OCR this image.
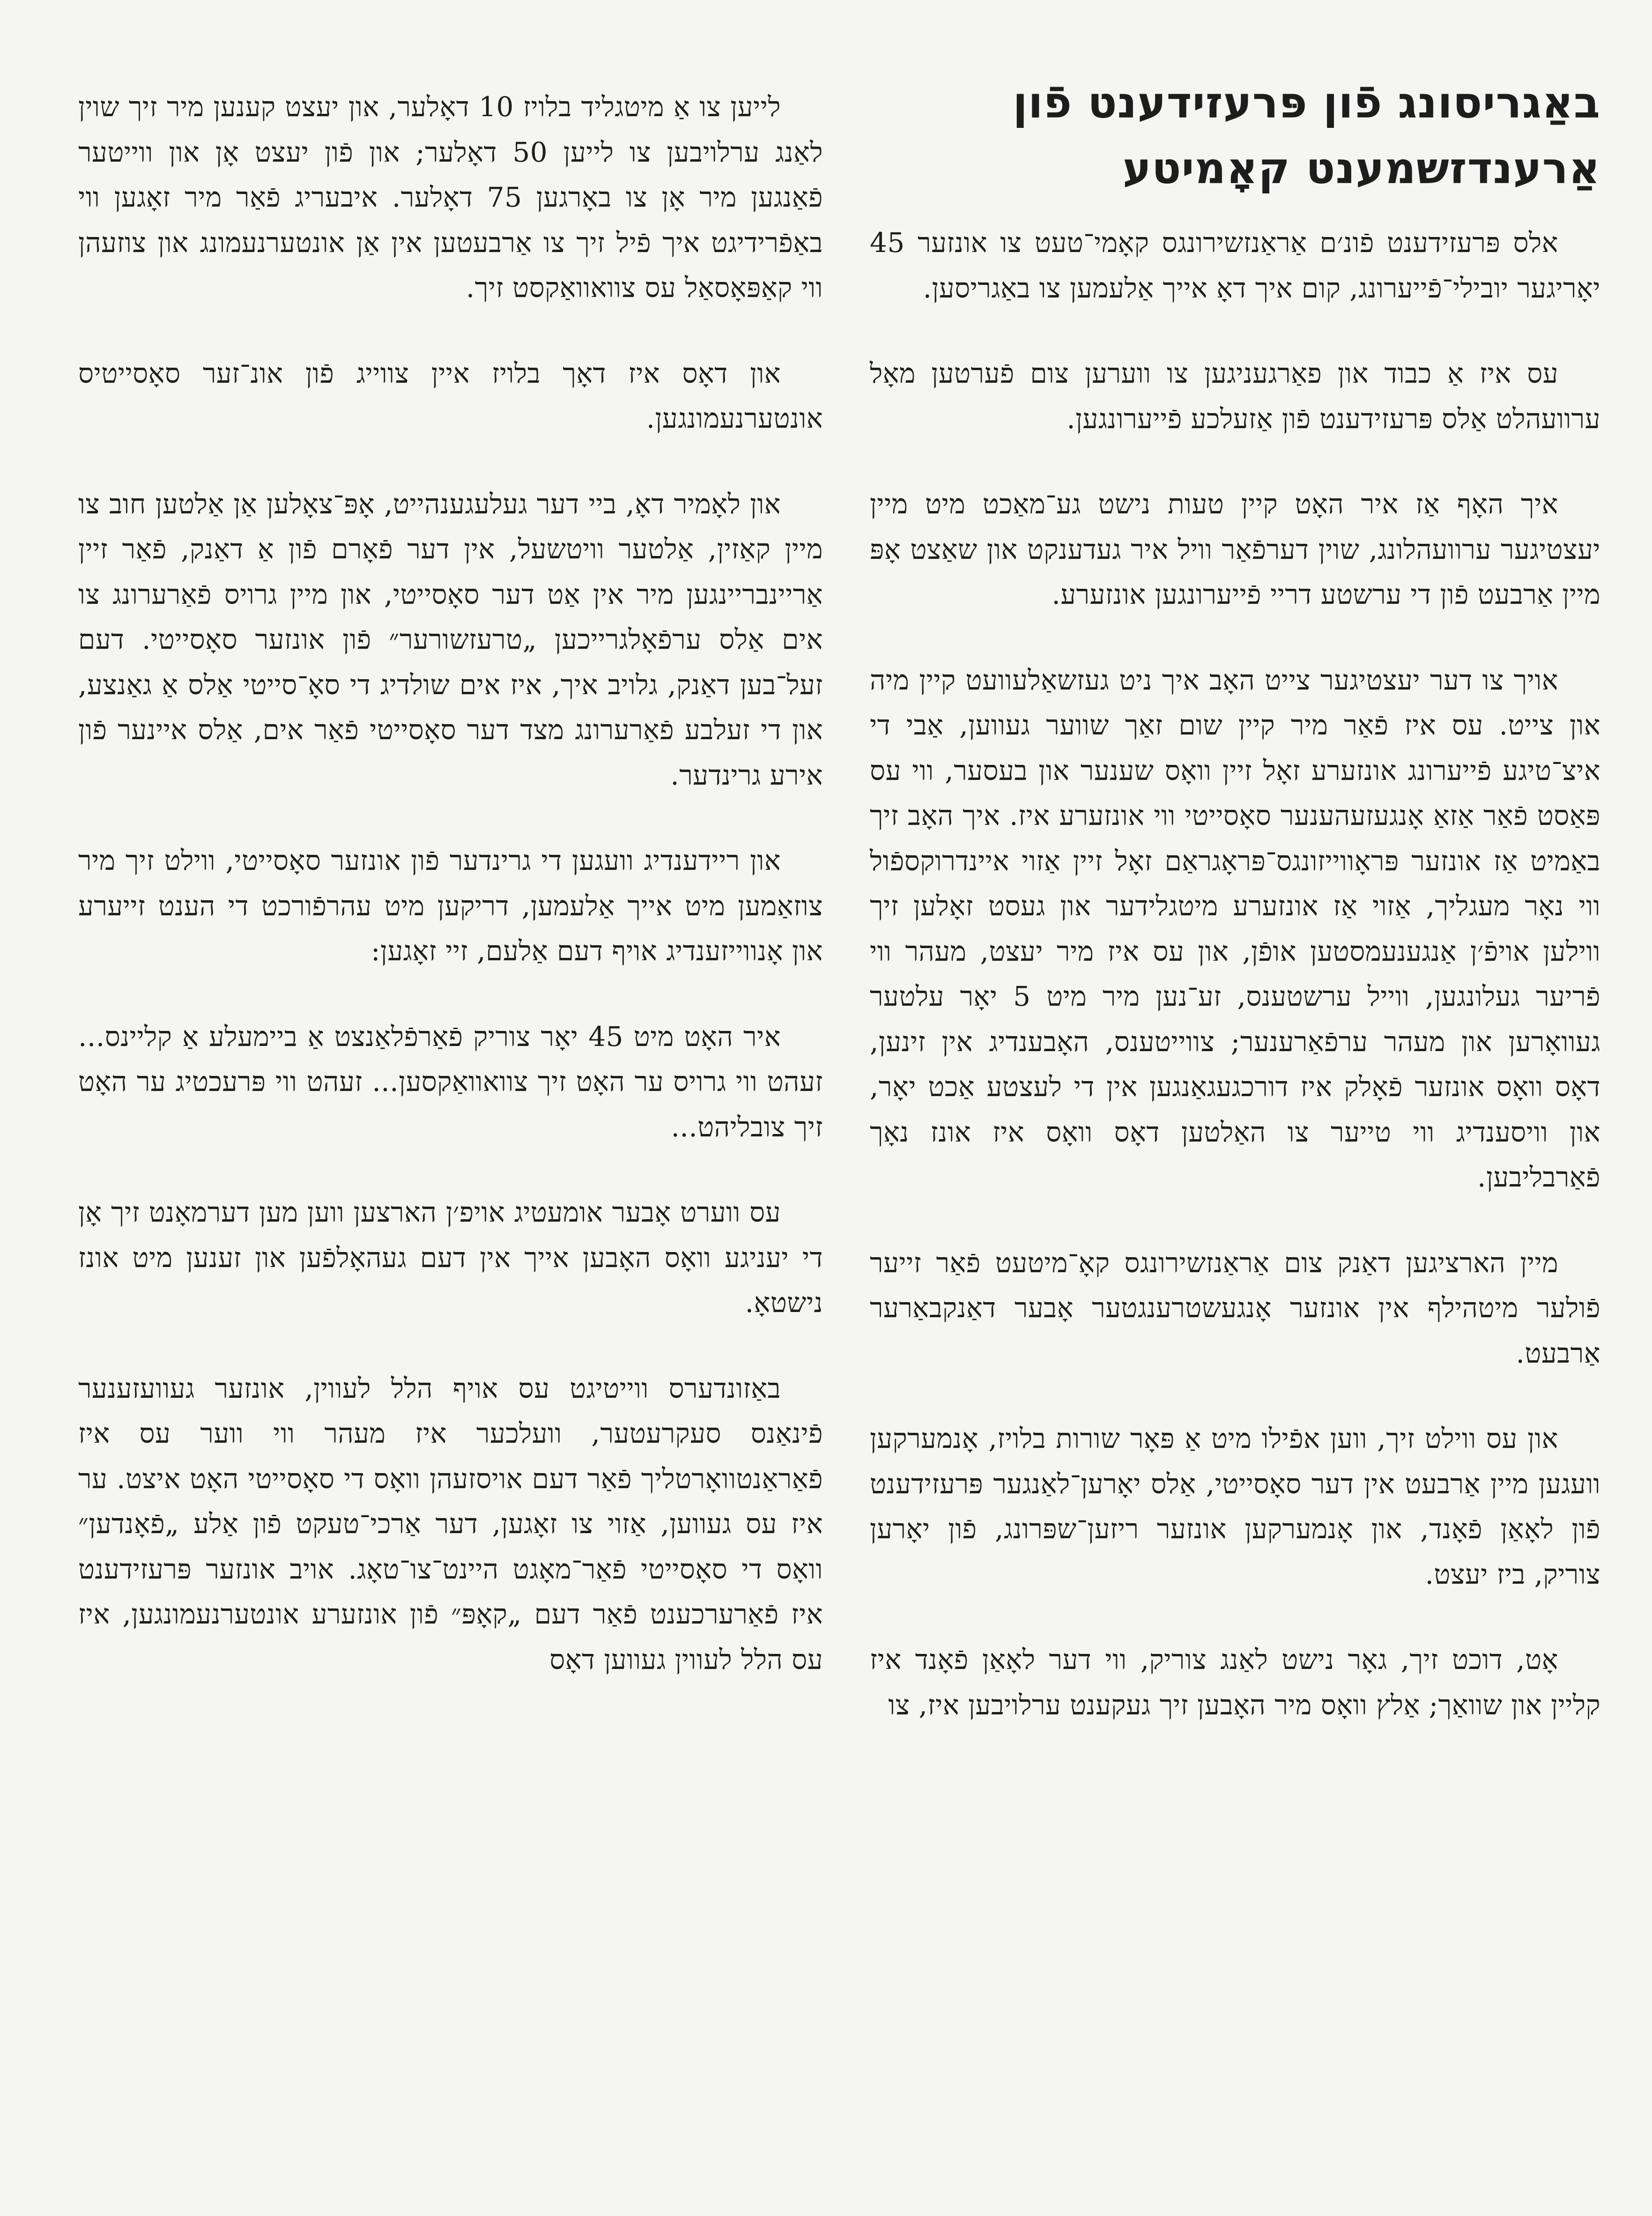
באַגריסונג פֿון פּרעזידענט פֿון אַרענדזשמענט קאָמיטע

אלס פּרעזידענט פֿונ׳ם אַראַנזשירונגס קאָמי־טעט צו אונזער 45 יאָריגער יובילי־פֿייערונג, קום איך דאָ אייך אַלעמען צו באַגריסען.

עס איז אַ כבוד און פאַרגעניגען צו ווערען צום פֿערטען מאָל ערוועהלט אַלס פּרעזידענט פֿון אַזעלכע פֿייערונגען.

איך האָף אַז איר האָט קיין טעות נישט גע־מאַכט מיט מיין יעצטיגער ערוועהלונג, שוין דערפֿאַר וויל איר געדענקט און שאַצט אָפּ מיין אַרבעט פֿון די ערשטע דריי פֿייערונגען אונזערע.

אויך צו דער יעצטיגער צייט האָב איך ניט געזשאַלעוועט קיין מיה און צייט. עס איז פֿאַר מיר קיין שום זאַך שווער געווען, אַבי די איצ־טיגע פֿייערונג אונזערע זאָל זיין וואָס שענער און בעסער, ווי עס פּאַסט פֿאַר אַזאַ אָנגעזעהענער סאָסייטי ווי אונזערע איז. איך האָב זיך באַמיט אַז אונזער פּראָווייזונגס־פּראָגראַם זאָל זיין אַזוי איינדרוקספֿול ווי נאָר מעגליך, אַזוי אַז אונזערע מיטגלידער און געסט זאָלען זיך ווילען אויפֿ׳ן אַנגענעמסטען אופֿן, און עס איז מיר יעצט, מעהר ווי פֿריער געלונגען, ווייל ערשטענס, זע־נען מיר מיט 5 יאָר עלטער געוואָרען און מעהר ערפֿאַרענער; צווייטענס, האָבענדיג אין זינען, דאָס וואָס אונזער פֿאָלק איז דורכגעגאַנגען אין די לעצטע אַכט יאָר, און וויסענדיג ווי טייער צו האַלטען דאָס וואָס איז אונז נאָך פֿאַרבליבען.

מיין הארציגען דאַנק צום אַראַנזשירונגס קאָ־מיטעט פֿאַר זייער פֿולער מיטהילף אין אונזער אָנגעשטרענגטער אָבער דאַנקבאַרער אַרבעט.

און עס ווילט זיך, ווען אפֿילו מיט אַ פּאָר שורות בלויז, אָנמערקען וועגען מיין אַרבעט אין דער סאָסייטי, אַלס יאָרען־לאַנגער פּרעזידענט פֿון לאָאַן פֿאָנד, און אָנמערקען אונזער ריזען־שפּרונג, פֿון יאָרען צוריק, ביז יעצט.

אָט, דוכט זיך, גאָר נישט לאַנג צוריק, ווי דער לאָאַן פֿאָנד איז קליין און שוואַך; אַלץ וואָס מיר האָבען זיך געקענט ערלויבען איז, צו

לייען צו אַ מיטגליד בלויז 10 דאָלער, און יעצט קענען מיר זיך שוין לאַנג ערלויבען צו לייען 50 דאָלער; און פֿון יעצט אָן און ווייטער פֿאַנגען מיר אָן צו באָרגען 75 דאָלער. איבעריג פֿאַר מיר זאָגען ווי באַפֿרידיגט איך פֿיל זיך צו אַרבעטען אין אַן אונטערנעמונג און צוזעהן ווי קאַפּאָסאַל עס צוואוואַקסט זיך.

און דאָס איז דאָך בלויז איין צווייג פֿון אונ־זער סאָסייטיס אונטערנעמונגען.

און לאָמיר דאָ, ביי דער געלעגענהייט, אָפּ־צאָלען אַן אַלטען חוב צו מיין קאַזין, אַלטער וויטשעל, אין דער פֿאָרם פֿון אַ דאַנק, פֿאַר זיין אַריינבריינגען מיר אין אַט דער סאָסייטי, און מיין גרויס פֿאַרערונג צו אים אַלס ערפֿאָלגרייכען „טרעזשורער״ פֿון אונזער סאָסייטי. דעם זעל־בען דאַנק, גלויב איך, איז אים שולדיג די סאָ־סייטי אַלס אַ גאַנצע, און די זעלבע פֿאַרערונג מצד דער סאָסייטי פֿאַר אים, אַלס איינער פֿון אירע גרינדער.

און ריידענדיג וועגען די גרינדער פֿון אונזער סאָסייטי, ווילט זיך מיר צוזאַמען מיט אייך אַלעמען, דריקען מיט עהרפֿורכט די הענט זייערע און אָנווייזענדיג אויף דעם אַלעם, זיי זאָגען:

איר האָט מיט 45 יאָר צוריק פֿאַרפֿלאַנצט אַ ביימעלע אַ קליינס... זעהט ווי גרויס ער האָט זיך צוואוואַקסען... זעהט ווי פּרעכטיג ער האָט זיך צובליהט...

עס ווערט אָבער אומעטיג אויפ׳ן הארצען ווען מען דערמאָנט זיך אָן די יעניגע וואָס האָבען אייך אין דעם געהאָלפֿען און זענען מיט אונז נישטאָ.

באַזונדערס ווייטיגט עס אויף הלל לעווין, אונזער געוועזענער פֿינאַנס סעקרעטער, וועלכער איז מעהר ווי ווער עס איז פֿאַראַנטוואָרטליך פֿאַר דעם אויסזעהן וואָס די סאָסייטי האָט איצט. ער איז עס געווען, אַזוי צו זאָגען, דער אַרכי־טעקט פֿון אַלע „פֿאָנדען״ וואָס די סאָסייטי פֿאַר־מאָגט היינט־צו־טאָג. אויב אונזער פּרעזידענט איז פֿאַרערכענט פֿאַר דעם „קאָפּ״ פֿון אונזערע אונטערנעמונגען, איז עס הלל לעווין געווען דאָס
